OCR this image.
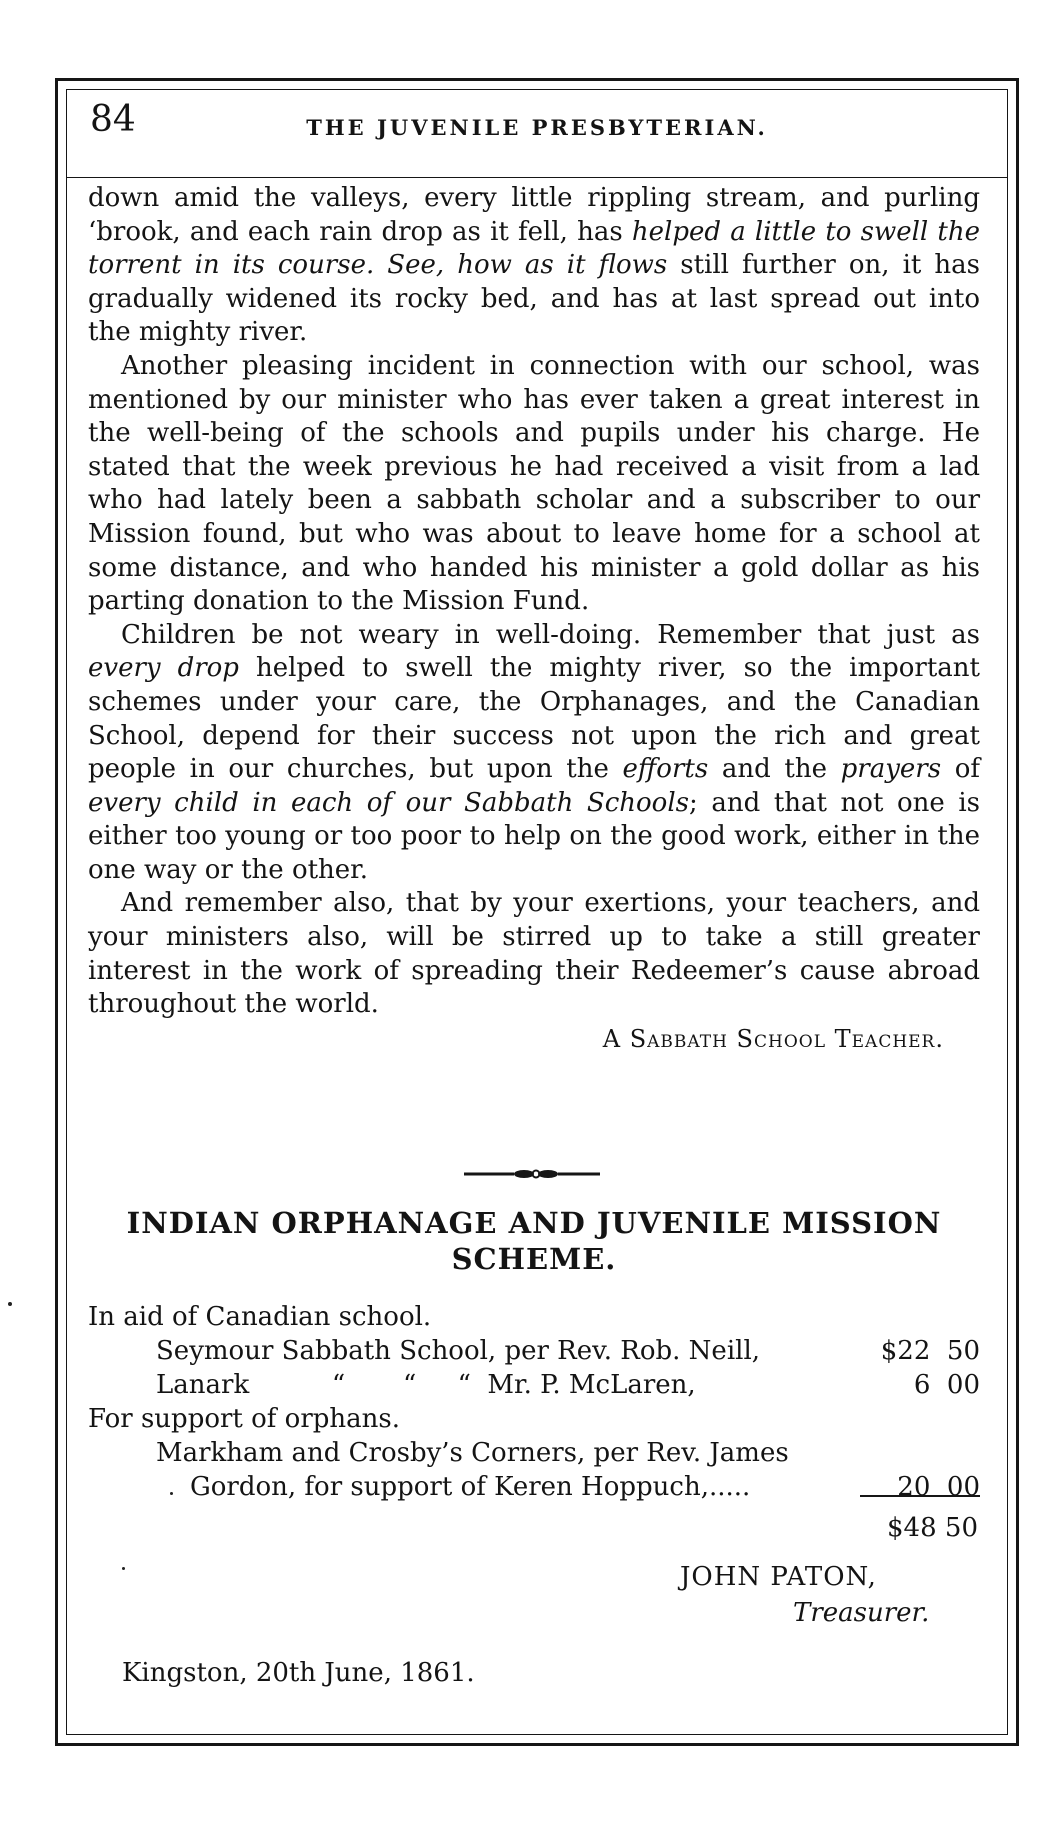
84	THE JUVENILE PRESBYTERIAN.

down amid the valleys, every little rippling stream, and purling ‘brook, and each rain drop as it fell, has helped a little to swell the torrent in its course. See, how as it flows still further on, it has gradually widened its rocky bed, and has at last spread out into the mighty river.

Another pleasing incident in connection with our school, was mentioned by our minister who has ever taken a great interest in the well-being of the schools and pupils under his charge. He stated that the week previous he had received a visit from a lad who had lately been a sabbath scholar and a subscriber to our Mission found, but who was about to leave home for a school at some distance, and who handed his minister a gold dollar as his parting donation to the Mission Fund.

Children be not weary in well-doing. Remember that just as every drop helped to swell the mighty river, so the important schemes under your care, the Orphanages, and the Canadian School, depend for their success not upon the rich and great people in our churches, but upon the efforts and the prayers of every child in each of our Sabbath Schools; and that not one is either too young or too poor to help on the good work, either in the one way or the other.

And remember also, that by your exertions, your teachers, and your ministers also, will be stirred up to take a still greater interest in the work of spreading their Redeemer’s cause abroad throughout the world.

A Sabbath School Teacher.

INDIAN ORPHANAGE AND JUVENILE MISSION
SCHEME.
In aid of Canadian school.
Seymour Sabbath School, per Rev. Rob. Neill,	$22  50
Lanark          “       “     “  Mr. P. McLaren,	6  00
For support of orphans.
Markham and Crosby’s Corners, per Rev. James
Gordon, for support of Keren Hoppuch,.....	20  00
$48 50
JOHN PATON,
Treasurer.
Kingston, 20th June, 1861.
